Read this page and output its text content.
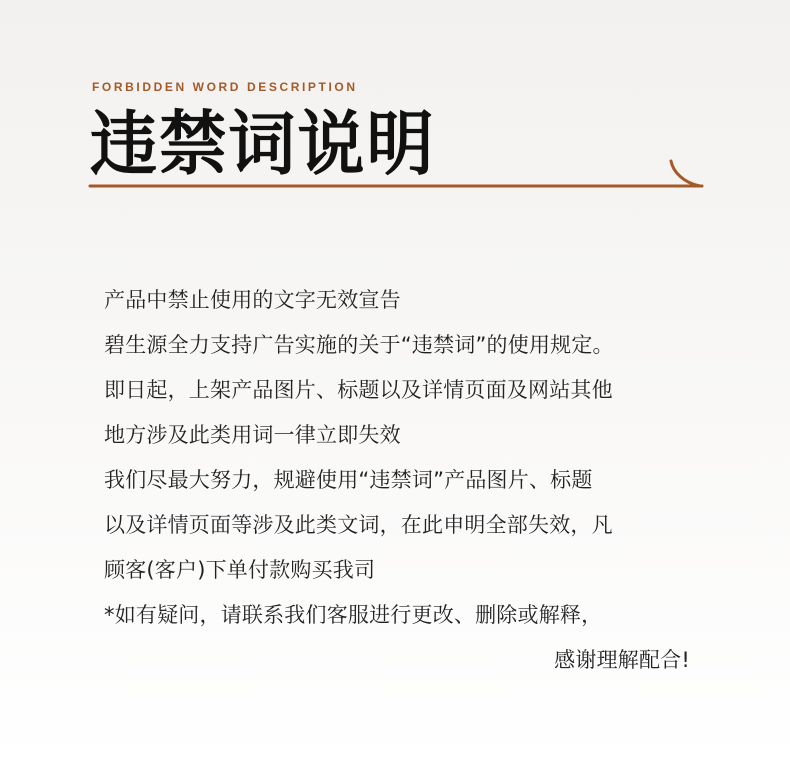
FORBIDDEN WORD DESCRIPTION
违禁词说明
产品中禁止使用的文字无效宣告
碧生源全力支持广告实施的关于“违禁词”的使用规定。
即日起，上架产品图片、标题以及详情页面及网站其他
地方涉及此类用词一律立即失效
我们尽最大努力，规避使用“违禁词”产品图片、标题
以及详情页面等涉及此类文词，在此申明全部失效，凡
顾客(客户)下单付款购买我司
*如有疑问，请联系我们客服进行更改、删除或解释，
感谢理解配合!
